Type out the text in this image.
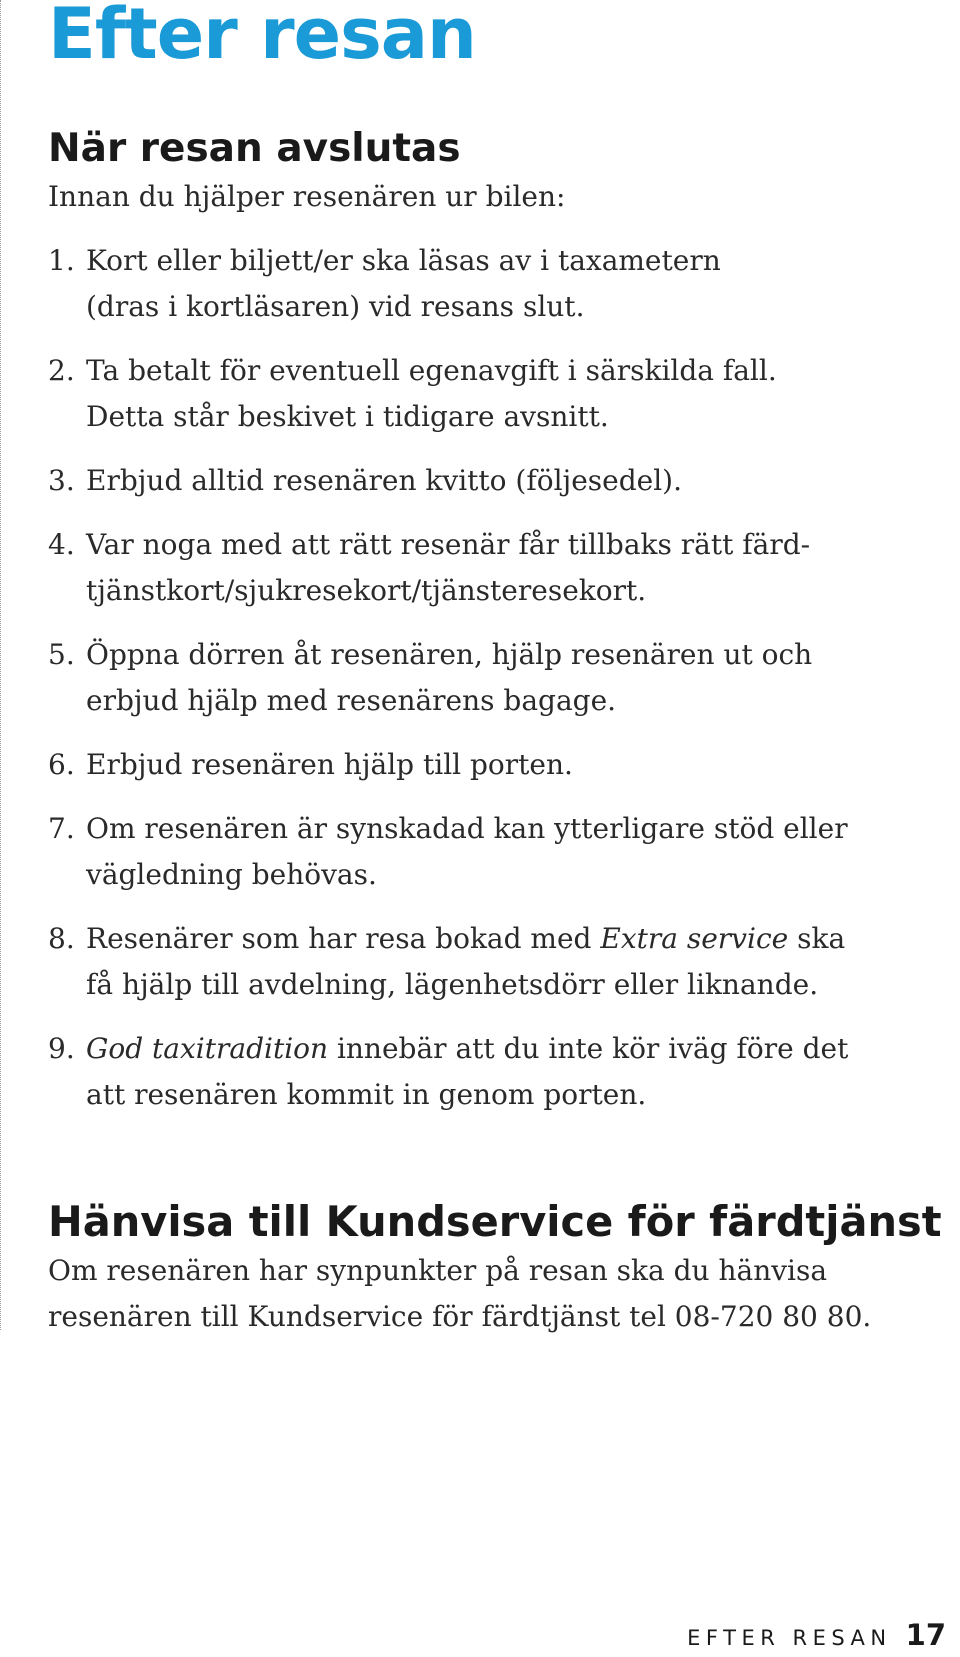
Efter resan
När resan avslutas

Innan du hjälper resenären ur bilen:

1. Kort eller biljett/er ska läsas av i taxametern
(dras i kortläsaren) vid resans slut.
2. Ta betalt för eventuell egenavgift i särskilda fall.
Detta står beskivet i tidigare avsnitt.
3. Erbjud alltid resenären kvitto (följesedel).
4. Var noga med att rätt resenär får tillbaks rätt färd-
tjänstkort/sjukresekort/tjänsteresekort.
5. Öppna dörren åt resenären, hjälp resenären ut och
erbjud hjälp med resenärens bagage.
6. Erbjud resenären hjälp till porten.
7. Om resenären är synskadad kan ytterligare stöd eller
vägledning behövas.
8. Resenärer som har resa bokad med Extra service ska
få hjälp till avdelning, lägenhetsdörr eller liknande.
9. God taxitradition innebär att du inte kör iväg före det
att resenären kommit in genom porten.
Hänvisa till Kundservice för färdtjänst
Om resenären har synpunkter på resan ska du hänvisa
resenären till Kundservice för färdtjänst tel 08-720 80 80.
EFTER RESAN 17
